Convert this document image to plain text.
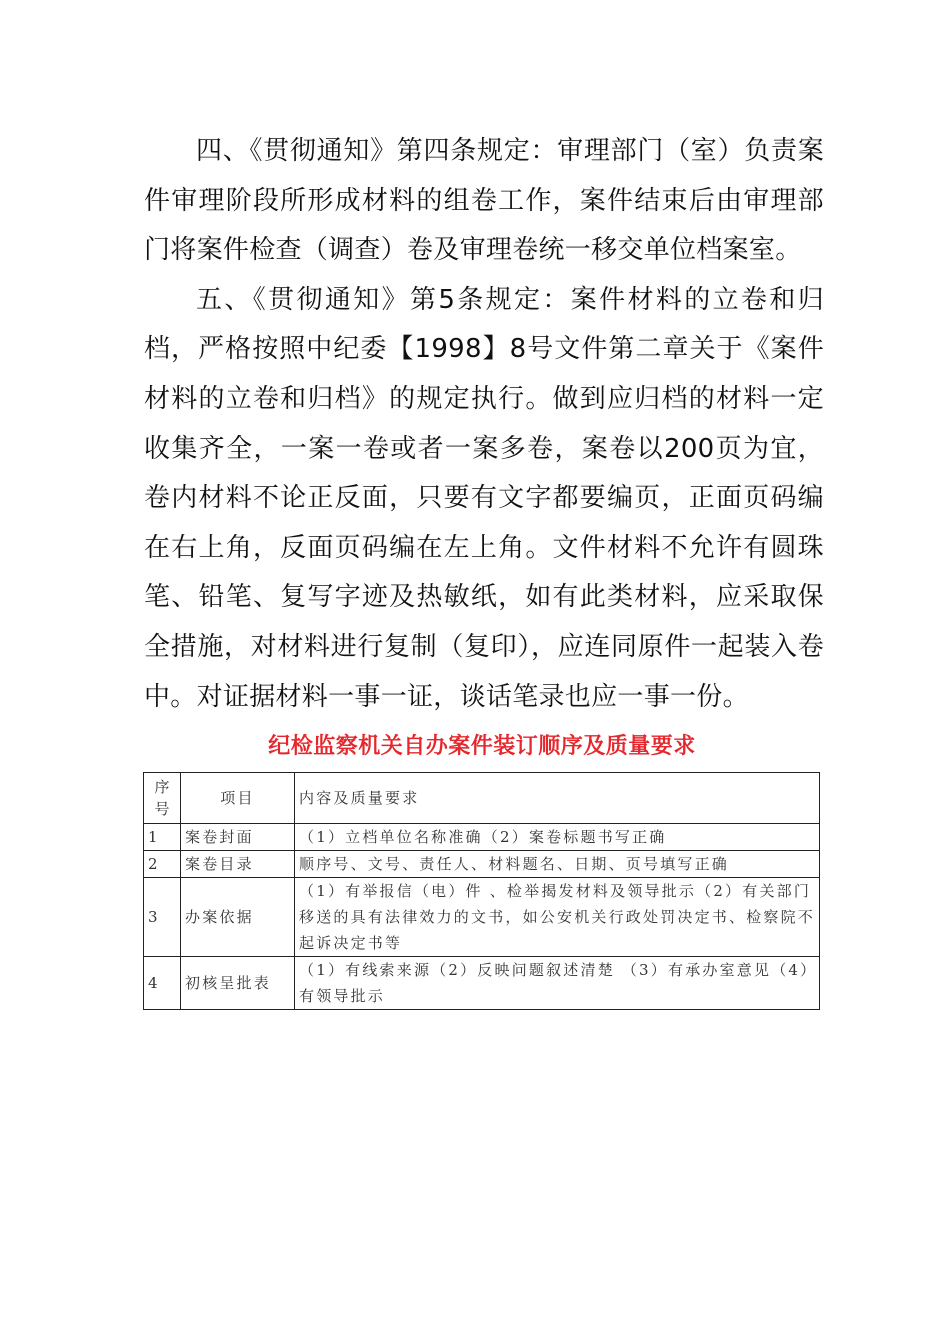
四、《贯彻通知》第四条规定：审理部门（室）负责案件审理阶段所形成材料的组卷工作，案件结束后由审理部门将案件检查（调查）卷及审理卷统一移交单位档案室。

五、《贯彻通知》第5条规定：案件材料的立卷和归档，严格按照中纪委【1998】8号文件第二章关于《案件材料的立卷和归档》的规定执行。做到应归档的材料一定收集齐全，一案一卷或者一案多卷，案卷以200页为宜，卷内材料不论正反面，只要有文字都要编页，正面页码编在右上角，反面页码编在左上角。文件材料不允许有圆珠笔、铅笔、复写字迹及热敏纸，如有此类材料，应采取保全措施，对材料进行复制（复印），应连同原件一起装入卷中。对证据材料一事一证，谈话笔录也应一事一份。

纪检监察机关自办案件装订顺序及质量要求
序号	项目	内容及质量要求
1	案卷封面	（1）立档单位名称准确（2）案卷标题书写正确
2	案卷目录	顺序号、文号、责任人、材料题名、日期、页号填写正确
3	办案依据	（1）有举报信（电）件 、检举揭发材料及领导批示（2）有关部门移送的具有法律效力的文书，如公安机关行政处罚决定书、检察院不起诉决定书等
4	初核呈批表	（1）有线索来源（2）反映问题叙述清楚 （3）有承办室意见（4）有领导批示
